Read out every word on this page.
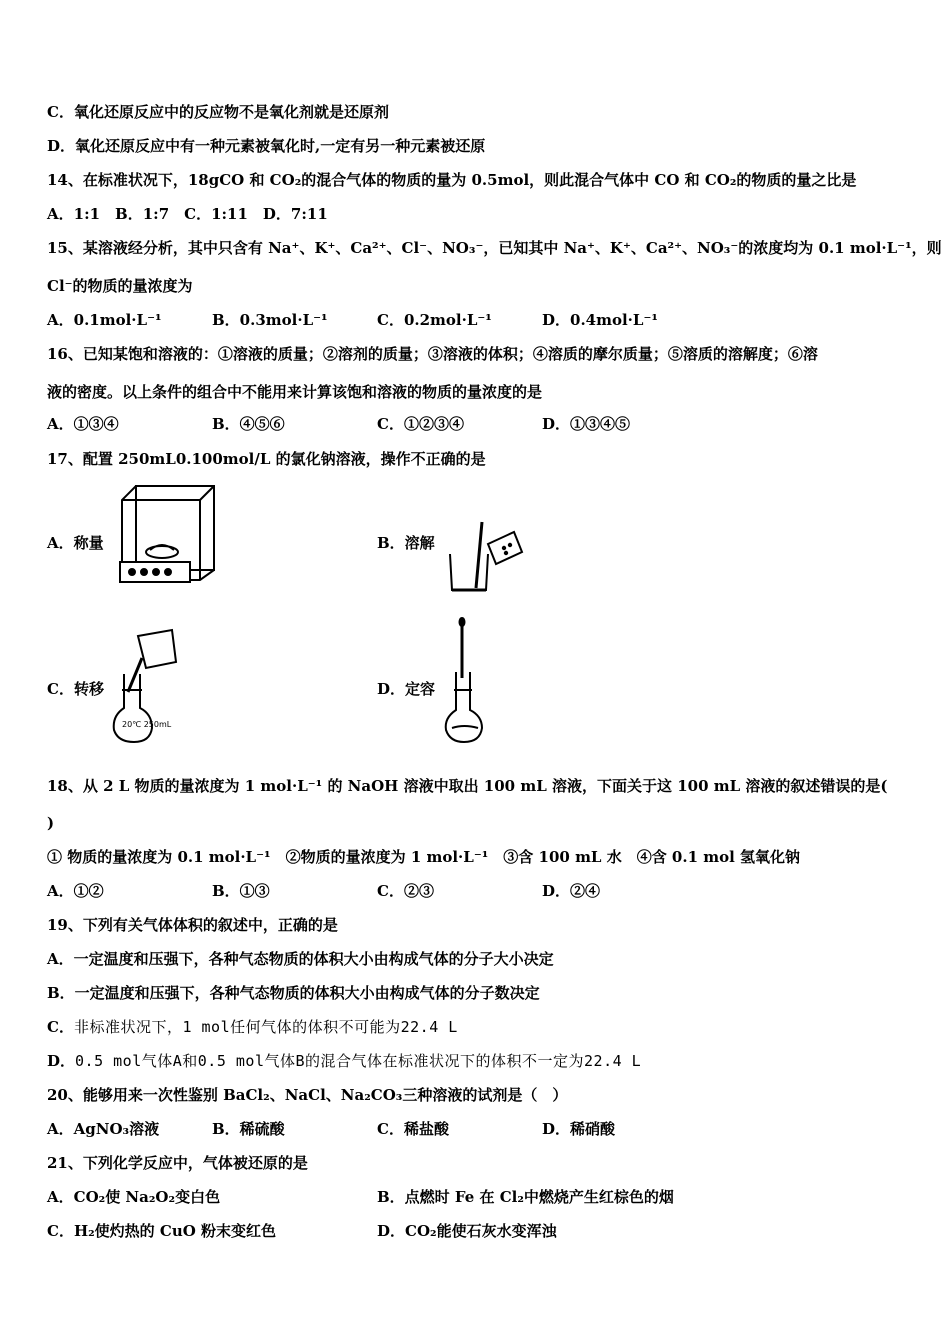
C．氧化还原反应中的反应物不是氧化剂就是还原剂
D．氧化还原反应中有一种元素被氧化时,一定有另一种元素被还原
14、在标准状况下，18gCO 和 CO₂的混合气体的物质的量为 0.5mol，则此混合气体中 CO 和 CO₂的物质的量之比是
A．1:1　B．1:7　C．1:11　D．7:11
15、某溶液经分析，其中只含有 Na⁺、K⁺、Ca²⁺、Cl⁻、NO₃⁻，已知其中 Na⁺、K⁺、Ca²⁺、NO₃⁻的浓度均为 0.1 mol·L⁻¹，则
Cl⁻的物质的量浓度为
A．0.1mol·L⁻¹	B．0.3mol·L⁻¹	C．0.2mol·L⁻¹	D．0.4mol·L⁻¹
16、已知某饱和溶液的：①溶液的质量；②溶剂的质量；③溶液的体积；④溶质的摩尔质量；⑤溶质的溶解度；⑥溶
液的密度。以上条件的组合中不能用来计算该饱和溶液的物质的量浓度的是
A．①③④	B．④⑤⑥	C．①②③④	D．①③④⑤
17、配置 250mL0.100mol/L 的氯化钠溶液，操作不正确的是
A．称量	B．溶解
C．转移
20℃ 250mL
D．定容
18、从 2 L 物质的量浓度为 1 mol·L⁻¹ 的 NaOH 溶液中取出 100 mL 溶液，下面关于这 100 mL 溶液的叙述错误的是(
)
① 物质的量浓度为 0.1 mol·L⁻¹　②物质的量浓度为 1 mol·L⁻¹　③含 100 mL 水　④含 0.1 mol 氢氧化钠
A．①②	B．①③	C．②③	D．②④
19、下列有关气体体积的叙述中，正确的是
A．一定温度和压强下，各种气态物质的体积大小由构成气体的分子大小决定
B．一定温度和压强下，各种气态物质的体积大小由构成气体的分子数决定
C．非标准状况下，1 mol任何气体的体积不可能为22.4 L
D．0.5 mol气体A和0.5 mol气体B的混合气体在标准状况下的体积不一定为22.4 L
20、能够用来一次性鉴别 BaCl₂、NaCl、Na₂CO₃三种溶液的试剂是（　）
A．AgNO₃溶液	B．稀硫酸	C．稀盐酸	D．稀硝酸
21、下列化学反应中，气体被还原的是
A．CO₂使 Na₂O₂变白色	B．点燃时 Fe 在 Cl₂中燃烧产生红棕色的烟
C．H₂使灼热的 CuO 粉末变红色	D．CO₂能使石灰水变浑浊
